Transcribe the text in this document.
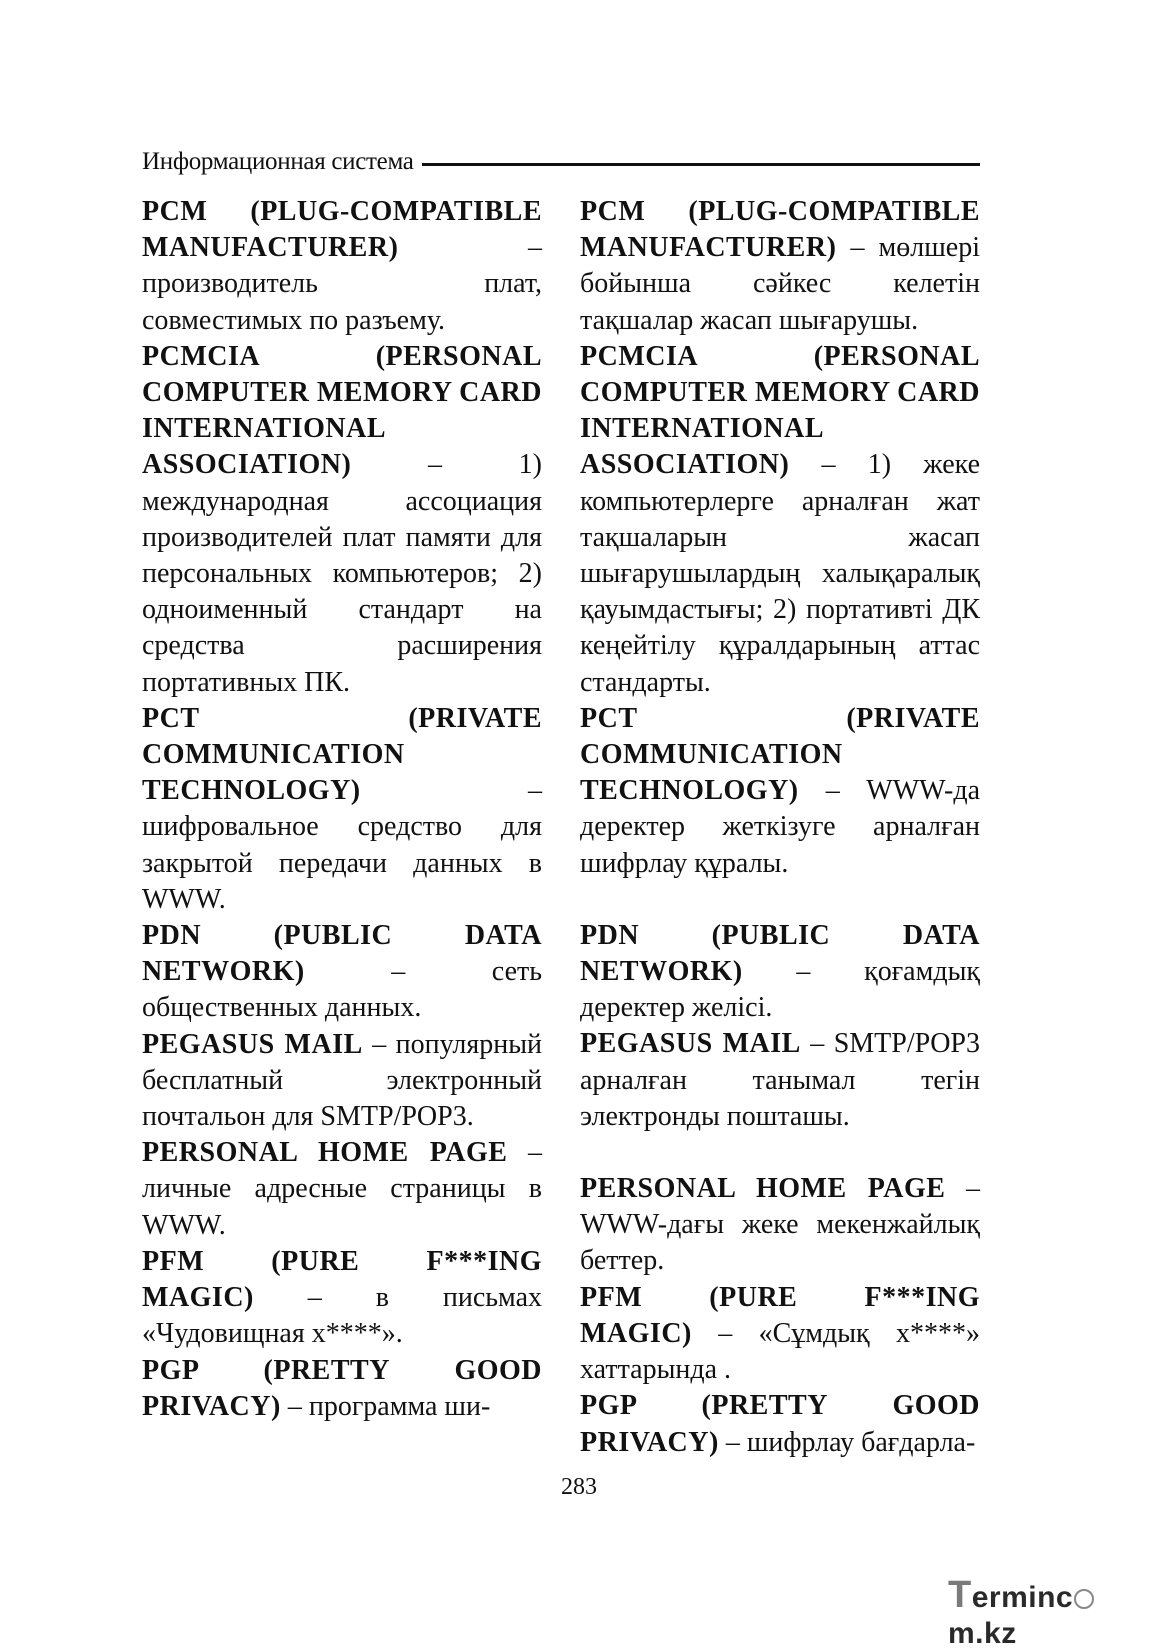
Информационная система

PCM (PLUG-COMPATIBLE MANUFACTURER) – производитель плат, совместимых по разъему.

PCMCIA (PERSONAL COMPUTER MEMORY CARD INTERNATIONAL ASSOCIATION) – 1) международная ассоциация производителей плат памяти для персональных компьютеров; 2) одноименный стандарт на средства расширения портативных ПК.

PCT (PRIVATE COMMUNICATION TECHNOLOGY) – шифровальное средство для закрытой передачи данных в WWW.

PDN (PUBLIC DATA NETWORK) – сеть общественных данных.

PEGASUS MAIL – популярный бесплатный электронный почтальон для SMTP/POP3.

PERSONAL HOME PAGE – личные адресные страницы в WWW.

PFM (PURE F***ING MAGIC) – в письмах «Чудовищная х****».

PGP (PRETTY GOOD PRIVACY) – программа ши-

PCM (PLUG-COMPATIBLE MANUFACTURER) – мөлшері бойынша сәйкес келетін тақшалар жасап шығарушы.

PCMCIA (PERSONAL COMPUTER MEMORY CARD INTERNATIONAL ASSOCIATION) – 1) жеке компьютерлерге арналған жат тақшаларын жасап шығарушылардың халықаралық қауымдастығы; 2) портативті ДК кеңейтілу құралдарының аттас стандарты.

PCT (PRIVATE COMMUNICATION TECHNOLOGY) – WWW-да деректер жеткізуге арналған шифрлау құралы.

PDN (PUBLIC DATA NETWORK) – қоғамдық деректер желісі.

PEGASUS MAIL – SMTP/POP3 арналған танымал тегін электронды пошташы.

PERSONAL HOME PAGE – WWW-дағы жеке мекенжайлық беттер.

PFM (PURE F***ING MAGIC) – «Сұмдық х****» хаттарында .

PGP (PRETTY GOOD PRIVACY) – шифрлау бағдарла-

283
Termincm.kz
